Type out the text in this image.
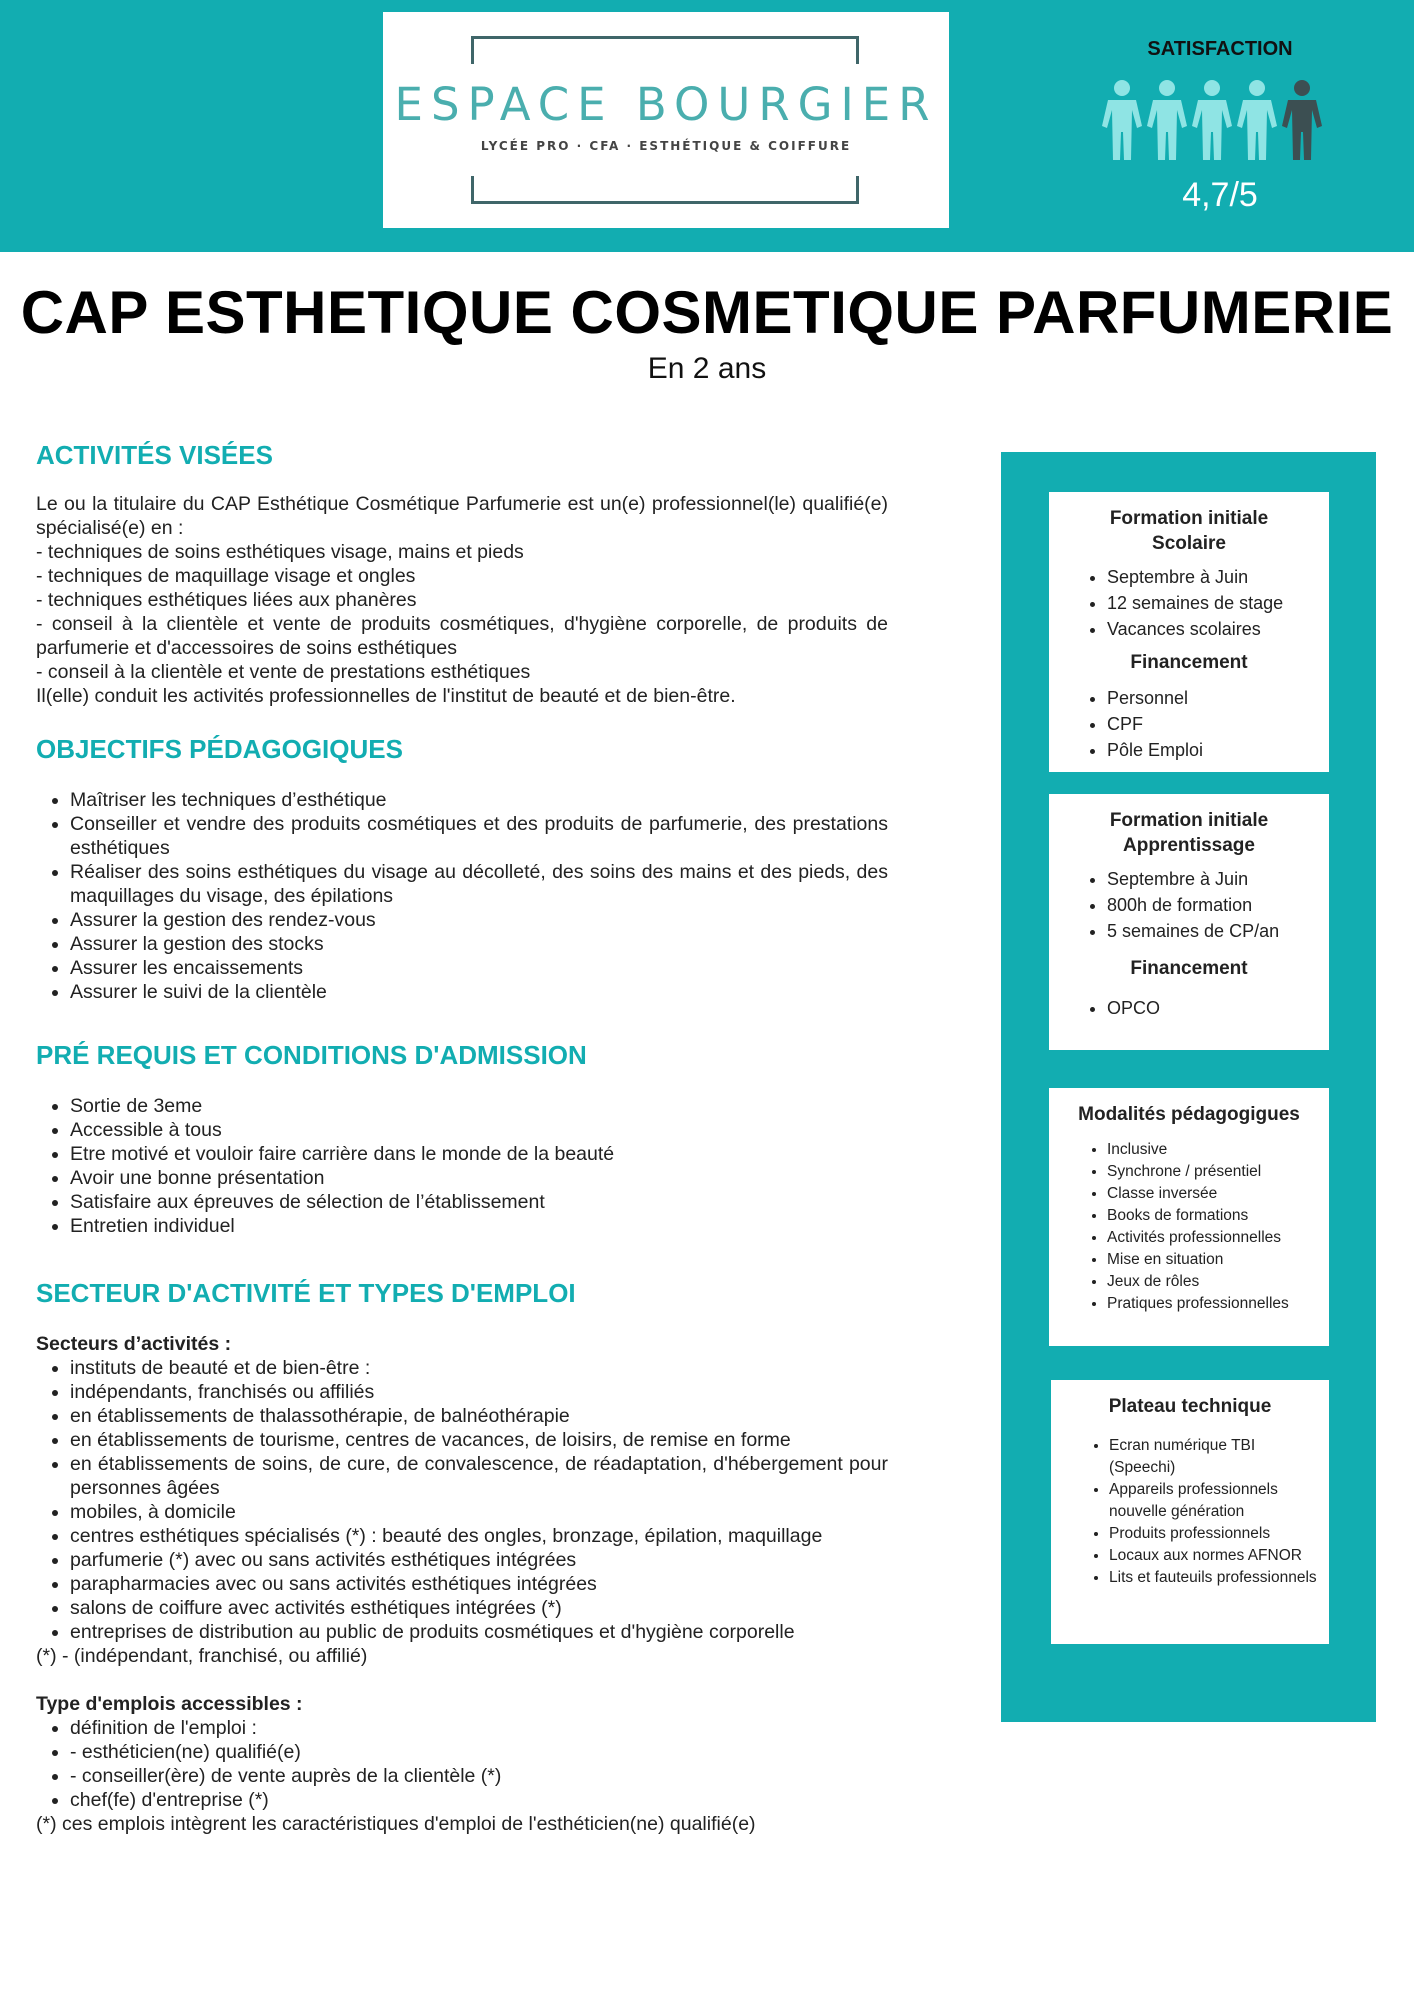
ESPACE BOURGIER
LYCÉE PRO · CFA · ESTHÉTIQUE & COIFFURE
SATISFACTION
4,7/5
CAP ESTHETIQUE COSMETIQUE PARFUMERIE
En 2 ans
ACTIVITÉS VISÉES
Le ou la titulaire du CAP Esthétique Cosmétique Parfumerie est un(e) professionnel(le) qualifié(e) spécialisé(e) en :
- techniques de soins esthétiques visage, mains et pieds
- techniques de maquillage visage et ongles
- techniques esthétiques liées aux phanères
- conseil à la clientèle et vente de produits cosmétiques, d'hygiène corporelle, de produits de parfumerie et d'accessoires de soins esthétiques
- conseil à la clientèle et vente de prestations esthétiques
Il(elle) conduit les activités professionnelles de l'institut de beauté et de bien-être.
OBJECTIFS PÉDAGOGIQUES
• Maîtriser les techniques d’esthétique
• Conseiller et vendre des produits cosmétiques et des produits de parfumerie, des prestations esthétiques
• Réaliser des soins esthétiques du visage au décolleté, des soins des mains et des pieds, des maquillages du visage, des épilations
• Assurer la gestion des rendez-vous
• Assurer la gestion des stocks
• Assurer les encaissements
• Assurer le suivi de la clientèle
PRÉ REQUIS ET CONDITIONS D'ADMISSION
• Sortie de 3eme
• Accessible à tous
• Etre motivé et vouloir faire carrière dans le monde de la beauté
• Avoir une bonne présentation
• Satisfaire aux épreuves de sélection de l’établissement
• Entretien individuel
SECTEUR D'ACTIVITÉ ET TYPES D'EMPLOI
Secteurs d’activités :
• instituts de beauté et de bien-être :
• indépendants, franchisés ou affiliés
• en établissements de thalassothérapie, de balnéothérapie
• en établissements de tourisme, centres de vacances, de loisirs, de remise en forme
• en établissements de soins, de cure, de convalescence, de réadaptation, d'hébergement pour personnes âgées
• mobiles, à domicile
• centres esthétiques spécialisés (*) : beauté des ongles, bronzage, épilation, maquillage
• parfumerie (*) avec ou sans activités esthétiques intégrées
• parapharmacies avec ou sans activités esthétiques intégrées
• salons de coiffure avec activités esthétiques intégrées (*)
• entreprises de distribution au public de produits cosmétiques et d'hygiène corporelle
(*) - (indépendant, franchisé, ou affilié)
Type d'emplois accessibles :
• définition de l'emploi :
• - esthéticien(ne) qualifié(e)
• - conseiller(ère) de vente auprès de la clientèle (*)
• chef(fe) d'entreprise (*)
(*) ces emplois intègrent les caractéristiques d'emploi de l'esthéticien(ne) qualifié(e)
Formation initiale
Scolaire
• Septembre à Juin
• 12 semaines de stage
• Vacances scolaires
Financement
• Personnel
• CPF
• Pôle Emploi
Formation initiale
Apprentissage
• Septembre à Juin
• 800h de formation
• 5 semaines de CP/an
Financement
• OPCO
Modalités pédagogigues
• Inclusive
• Synchrone / présentiel
• Classe inversée
• Books de formations
• Activités professionnelles
• Mise en situation
• Jeux de rôles
• Pratiques professionnelles
Plateau technique
• Ecran numérique TBI (Speechi)
• Appareils professionnels nouvelle génération
• Produits professionnels
• Locaux aux normes AFNOR
• Lits et fauteuils professionnels
